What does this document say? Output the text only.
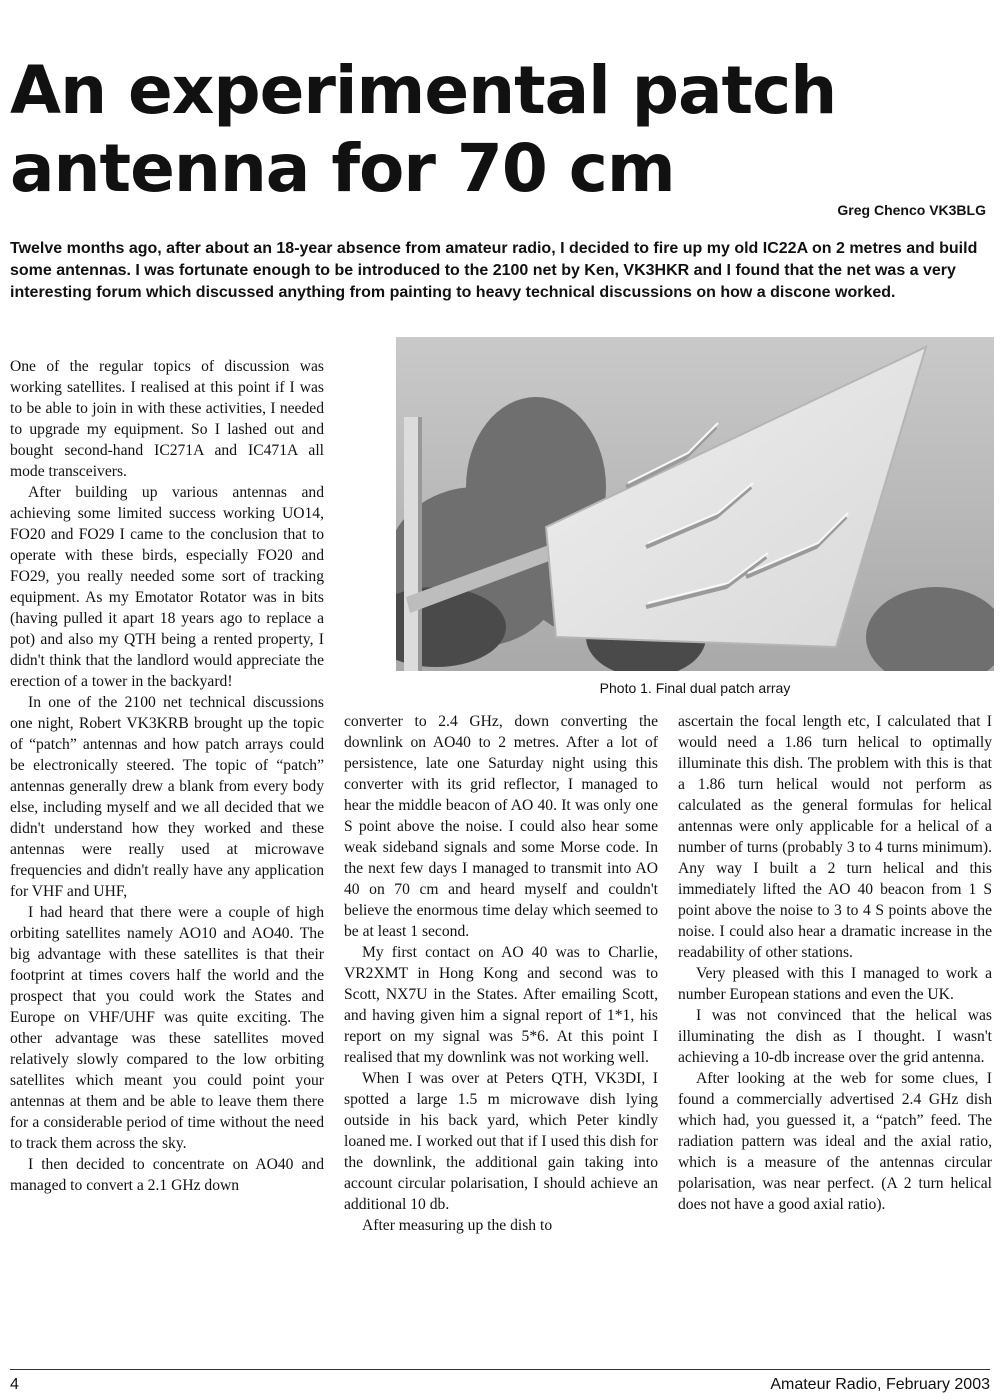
An experimental patch antenna for 70 cm
Greg Chenco VK3BLG

Twelve months ago, after about an 18-year absence from amateur radio, I decided to fire up my old IC22A on 2 metres and build some antennas. I was fortunate enough to be introduced to the 2100 net by Ken, VK3HKR and I found that the net was a very interesting forum which discussed anything from painting to heavy technical discussions on how a discone worked.

One of the regular topics of discussion was working satellites. I realised at this point if I was to be able to join in with these activities, I needed to upgrade my equipment. So I lashed out and bought second-hand IC271A and IC471A all mode transceivers.

After building up various antennas and achieving some limited success working UO14, FO20 and FO29 I came to the conclusion that to operate with these birds, especially FO20 and FO29, you really needed some sort of tracking equipment. As my Emotator Rotator was in bits (having pulled it apart 18 years ago to replace a pot) and also my QTH being a rented property, I didn't think that the landlord would appreciate the erection of a tower in the backyard!

In one of the 2100 net technical discussions one night, Robert VK3KRB brought up the topic of “patch” antennas and how patch arrays could be electronically steered. The topic of “patch” antennas generally drew a blank from every body else, including myself and we all decided that we didn't understand how they worked and these antennas were really used at microwave frequencies and didn't really have any application for VHF and UHF,

I had heard that there were a couple of high orbiting satellites namely AO10 and AO40. The big advantage with these satellites is that their footprint at times covers half the world and the prospect that you could work the States and Europe on VHF/UHF was quite exciting. The other advantage was these satellites moved relatively slowly compared to the low orbiting satellites which meant you could point your antennas at them and be able to leave them there for a considerable period of time without the need to track them across the sky.

I then decided to concentrate on AO40 and managed to convert a 2.1 GHz down

Photo 1. Final dual patch array

converter to 2.4 GHz, down converting the downlink on AO40 to 2 metres. After a lot of persistence, late one Saturday night using this converter with its grid reflector, I managed to hear the middle beacon of AO 40. It was only one S point above the noise. I could also hear some weak sideband signals and some Morse code. In the next few days I managed to transmit into AO 40 on 70 cm and heard myself and couldn't believe the enormous time delay which seemed to be at least 1 second.

My first contact on AO 40 was to Charlie, VR2XMT in Hong Kong and second was to Scott, NX7U in the States. After emailing Scott, and having given him a signal report of 1*1, his report on my signal was 5*6. At this point I realised that my downlink was not working well.

When I was over at Peters QTH, VK3DI, I spotted a large 1.5 m microwave dish lying outside in his back yard, which Peter kindly loaned me. I worked out that if I used this dish for the downlink, the additional gain taking into account circular polarisation, I should achieve an additional 10 db.

After measuring up the dish to

ascertain the focal length etc, I calculated that I would need a 1.86 turn helical to optimally illuminate this dish. The problem with this is that a 1.86 turn helical would not perform as calculated as the general formulas for helical antennas were only applicable for a helical of a number of turns (probably 3 to 4 turns minimum). Any way I built a 2 turn helical and this immediately lifted the AO 40 beacon from 1 S point above the noise to 3 to 4 S points above the noise. I could also hear a dramatic increase in the readability of other stations.

Very pleased with this I managed to work a number European stations and even the UK.

I was not convinced that the helical was illuminating the dish as I thought. I wasn't achieving a 10-db increase over the grid antenna.

After looking at the web for some clues, I found a commercially advertised 2.4 GHz dish which had, you guessed it, a “patch” feed. The radiation pattern was ideal and the axial ratio, which is a measure of the antennas circular polarisation, was near perfect. (A 2 turn helical does not have a good axial ratio).

4	Amateur Radio, February 2003
